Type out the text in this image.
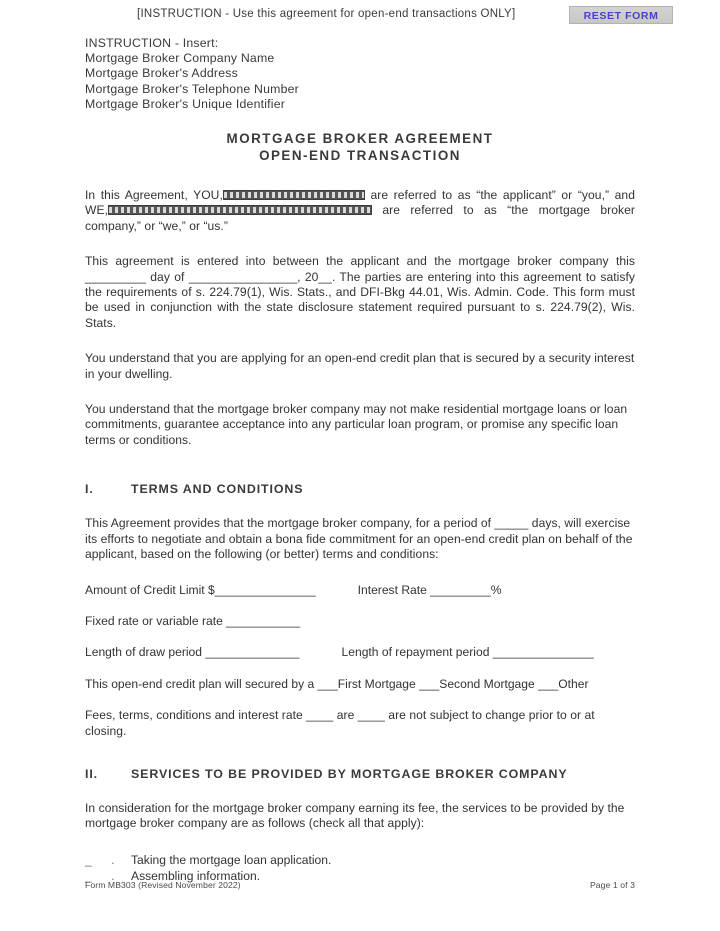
[INSTRUCTION - Use this agreement for open-end transactions ONLY]	RESET FORM
INSTRUCTION - Insert:
Mortgage Broker Company Name
Mortgage Broker's Address
Mortgage Broker's Telephone Number
Mortgage Broker's Unique Identifier
MORTGAGE BROKER AGREEMENT
OPEN-END TRANSACTION

In this Agreement, YOU,	are referred to as “the applicant” or “you,” and WE,	are referred to as “the mortgage broker company,” or “we,” or “us.”

This agreement is entered into between the applicant and the mortgage broker company this _________ day of ________________, 20__. The parties are entering into this agreement to satisfy the requirements of s. 224.79(1), Wis. Stats., and DFI-Bkg 44.01, Wis. Admin. Code. This form must be used in conjunction with the state disclosure statement required pursuant to s. 224.79(2), Wis. Stats.

You understand that you are applying for an open-end credit plan that is secured by a security interest in your dwelling.

You understand that the mortgage broker company may not make residential mortgage loans or loan commitments, guarantee acceptance into any particular loan program, or promise any specific loan terms or conditions.

I.	TERMS AND CONDITIONS

This Agreement provides that the mortgage broker company, for a period of _____ days, will exercise its efforts to negotiate and obtain a bona fide commitment for an open-end credit plan on behalf of the applicant, based on the following (or better) terms and conditions:

Amount of Credit Limit $_______________	Interest Rate _________%
Fixed rate or variable rate ___________
Length of draw period ______________	Length of repayment period _______________
This open-end credit plan will secured by a ___First Mortgage ___Second Mortgage ___Other

Fees, terms, conditions and interest rate ____ are ____ are not subject to change prior to or at closing.

II.	SERVICES TO BE PROVIDED BY MORTGAGE BROKER COMPANY

In consideration for the mortgage broker company earning its fee, the services to be provided by the mortgage broker company are as follows (check all that apply):

_ . Taking the mortgage loan application.
_ . Assembling information.
Form MB303 (Revised November 2022)	Page 1 of 3
